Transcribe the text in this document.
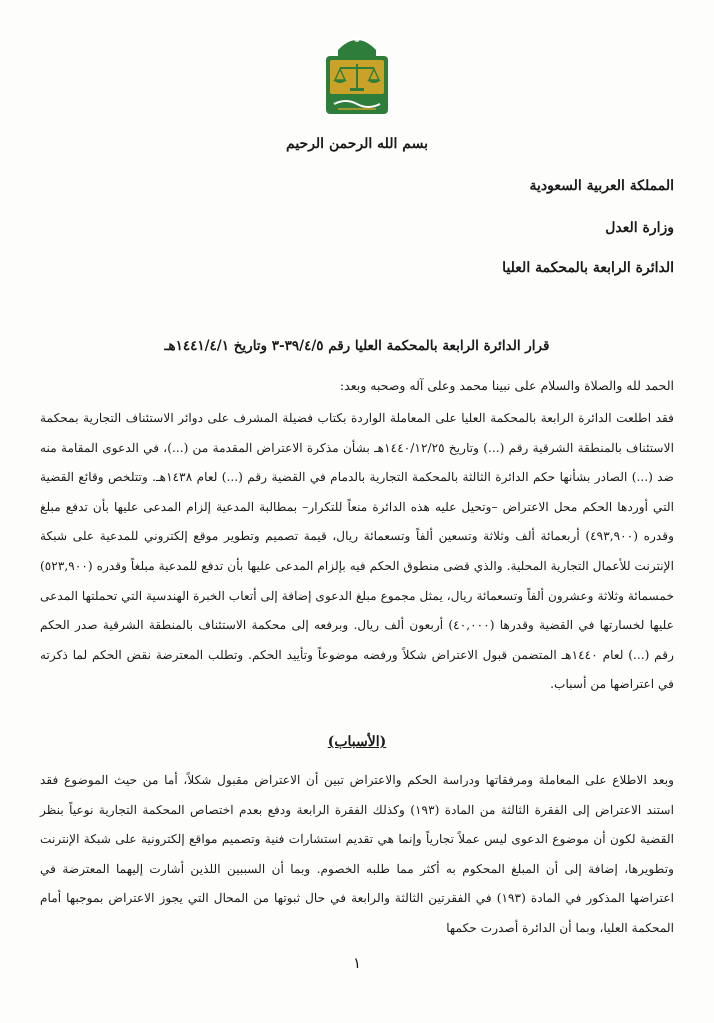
بسم الله الرحمن الرحيم
المملكة العربية السعودية
وزارة العدل
الدائرة الرابعة بالمحكمة العليا
قرار الدائرة الرابعة بالمحكمة العليا رقم ٣٩/٤/٥-٣ وتاريخ ١٤٤١/٤/١هـ
الحمد لله والصلاة والسلام على نبينا محمد وعلى آله وصحبه وبعد:

فقد اطلعت الدائرة الرابعة بالمحكمة العليا على المعاملة الواردة بكتاب فضيلة المشرف على دوائر الاستئناف التجارية بمحكمة الاستئناف بالمنطقة الشرقية رقم (...) وتاريخ ١٤٤٠/١٢/٢٥هـ بشأن مذكرة الاعتراض المقدمة من (...)، في الدعوى المقامة منه ضد (...) الصادر بشأنها حكم الدائرة الثالثة بالمحكمة التجارية بالدمام في القضية رقم (...) لعام ١٤٣٨هـ. وتتلخص وقائع القضية التي أوردها الحكم محل الاعتراض –وتحيل عليه هذه الدائرة منعاً للتكرار– بمطالبة المدعية إلزام المدعى عليها بأن تدفع مبلغ وقدره (٤٩٣,٩٠٠) أربعمائة ألف وثلاثة وتسعين ألفاً وتسعمائة ريال، قيمة تصميم وتطوير موقع إلكتروني للمدعية على شبكة الإنترنت للأعمال التجارية المحلية. والذي قضى منطوق الحكم فيه بإلزام المدعى عليها بأن تدفع للمدعية مبلغاً وقدره (٥٢٣,٩٠٠) خمسمائة وثلاثة وعشرون ألفاً وتسعمائة ريال، يمثل مجموع مبلغ الدعوى إضافة إلى أتعاب الخبرة الهندسية التي تحملتها المدعى عليها لخسارتها في القضية وقدرها (٤٠,٠٠٠) أربعون ألف ريال. وبرفعه إلى محكمة الاستئناف بالمنطقة الشرقية صدر الحكم رقم (...) لعام ١٤٤٠هـ المتضمن قبول الاعتراض شكلاً ورفضه موضوعاً وتأييد الحكم. وتطلب المعترضة نقض الحكم لما ذكرته في اعتراضها من أسباب.

(الأسباب)

وبعد الاطلاع على المعاملة ومرفقاتها ودراسة الحكم والاعتراض تبين أن الاعتراض مقبول شكلاً، أما من حيث الموضوع فقد استند الاعتراض إلى الفقرة الثالثة من المادة (١٩٣) وكذلك الفقرة الرابعة ودفع بعدم اختصاص المحكمة التجارية نوعياً بنظر القضية لكون أن موضوع الدعوى ليس عملاً تجارياً وإنما هي تقديم استشارات فنية وتصميم مواقع إلكترونية على شبكة الإنترنت وتطويرها، إضافة إلى أن المبلغ المحكوم به أكثر مما طلبه الخصوم. وبما أن السببين اللذين أشارت إليهما المعترضة في اعتراضها المذكور في المادة (١٩٣) في الفقرتين الثالثة والرابعة في حال ثبوتها من المحال التي يجوز الاعتراض بموجبها أمام المحكمة العليا، وبما أن الدائرة أصدرت حكمها

١
